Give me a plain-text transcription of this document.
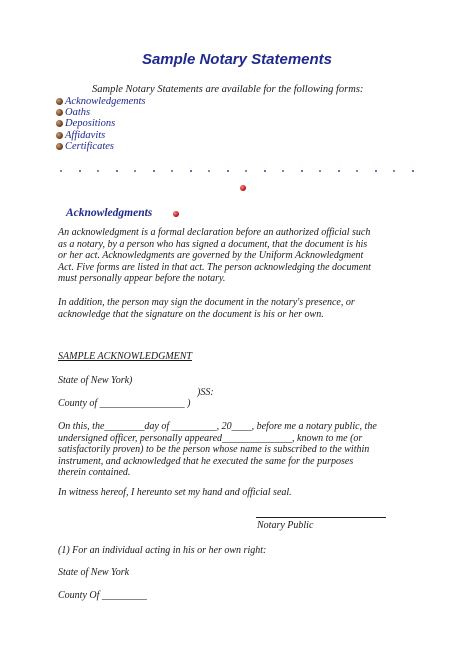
Sample Notary Statements
Sample Notary Statements are available for the following forms:
Acknowledgements
Oaths
Depositions
Affidavits
Certificates
Acknowledgments
An acknowledgment is a formal declaration before an authorized official such
as a notary, by a person who has signed a document, that the document is his
or her act. Acknowledgments are governed by the Uniform Acknowledgment
Act. Five forms are listed in that act. The person acknowledging the document
must personally appear before the notary.
In addition, the person may sign the document in the notary's presence, or
acknowledge that the signature on the document is his or her own.
SAMPLE ACKNOWLEDGMENT
State of New York)
)SS:
County of _________________ )
On this, the________day of _________, 20____, before me a notary public, the
undersigned officer, personally appeared______________, known to me (or
satisfactorily proven) to be the person whose name is subscribed to the within
instrument, and acknowledged that he executed the same for the purposes
therein contained.
In witness hereof, I hereunto set my hand and official seal.
Notary Public
(1) For an individual acting in his or her own right:
State of New York
County Of _________
